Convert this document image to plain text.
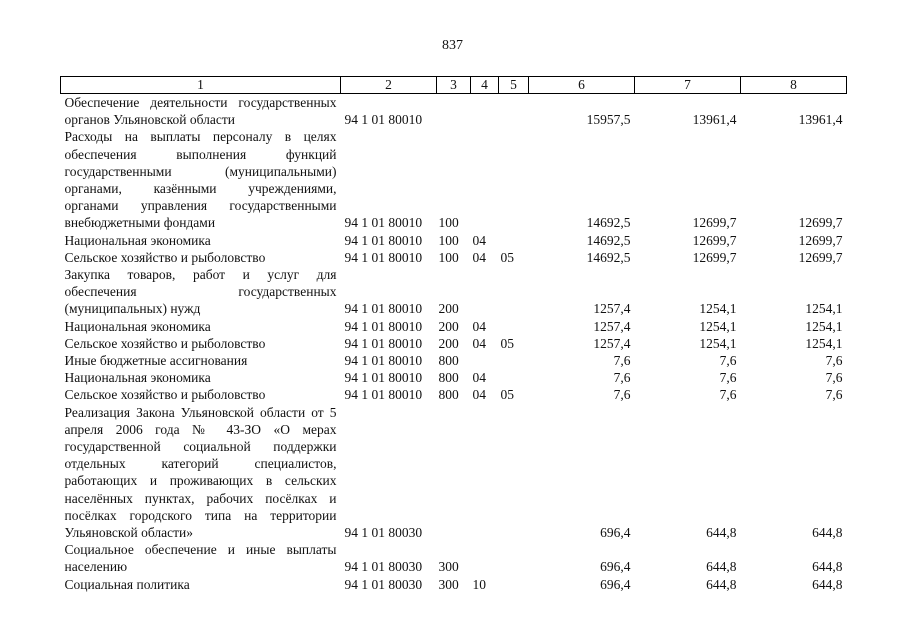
837
1	2	3	4	5	6	7	8
Обеспечение деятельности государственных органов Ульяновской области	94 1 01 80010				15957,5	13961,4	13961,4
Расходы на выплаты персоналу в целях обеспечения выполнения функций государственными (муниципальными) органами, казёнными учреждениями, органами управления государственными внебюджетными фондами	94 1 01 80010	100			14692,5	12699,7	12699,7
Национальная экономика	94 1 01 80010	100	04		14692,5	12699,7	12699,7
Сельское хозяйство и рыболовство	94 1 01 80010	100	04	05	14692,5	12699,7	12699,7
Закупка товаров, работ и услуг для обеспечения государственных (муниципальных) нужд	94 1 01 80010	200			1257,4	1254,1	1254,1
Национальная экономика	94 1 01 80010	200	04		1257,4	1254,1	1254,1
Сельское хозяйство и рыболовство	94 1 01 80010	200	04	05	1257,4	1254,1	1254,1
Иные бюджетные ассигнования	94 1 01 80010	800			7,6	7,6	7,6
Национальная экономика	94 1 01 80010	800	04		7,6	7,6	7,6
Сельское хозяйство и рыболовство	94 1 01 80010	800	04	05	7,6	7,6	7,6
Реализация Закона Ульяновской области от 5 апреля 2006 года № 43-ЗО «О мерах государственной социальной поддержки отдельных категорий специалистов, работающих и проживающих в сельских населённых пунктах, рабочих посёлках и посёлках городского типа на территории Ульяновской области»	94 1 01 80030				696,4	644,8	644,8
Социальное обеспечение и иные выплаты населению	94 1 01 80030	300			696,4	644,8	644,8
Социальная политика	94 1 01 80030	300	10		696,4	644,8	644,8
